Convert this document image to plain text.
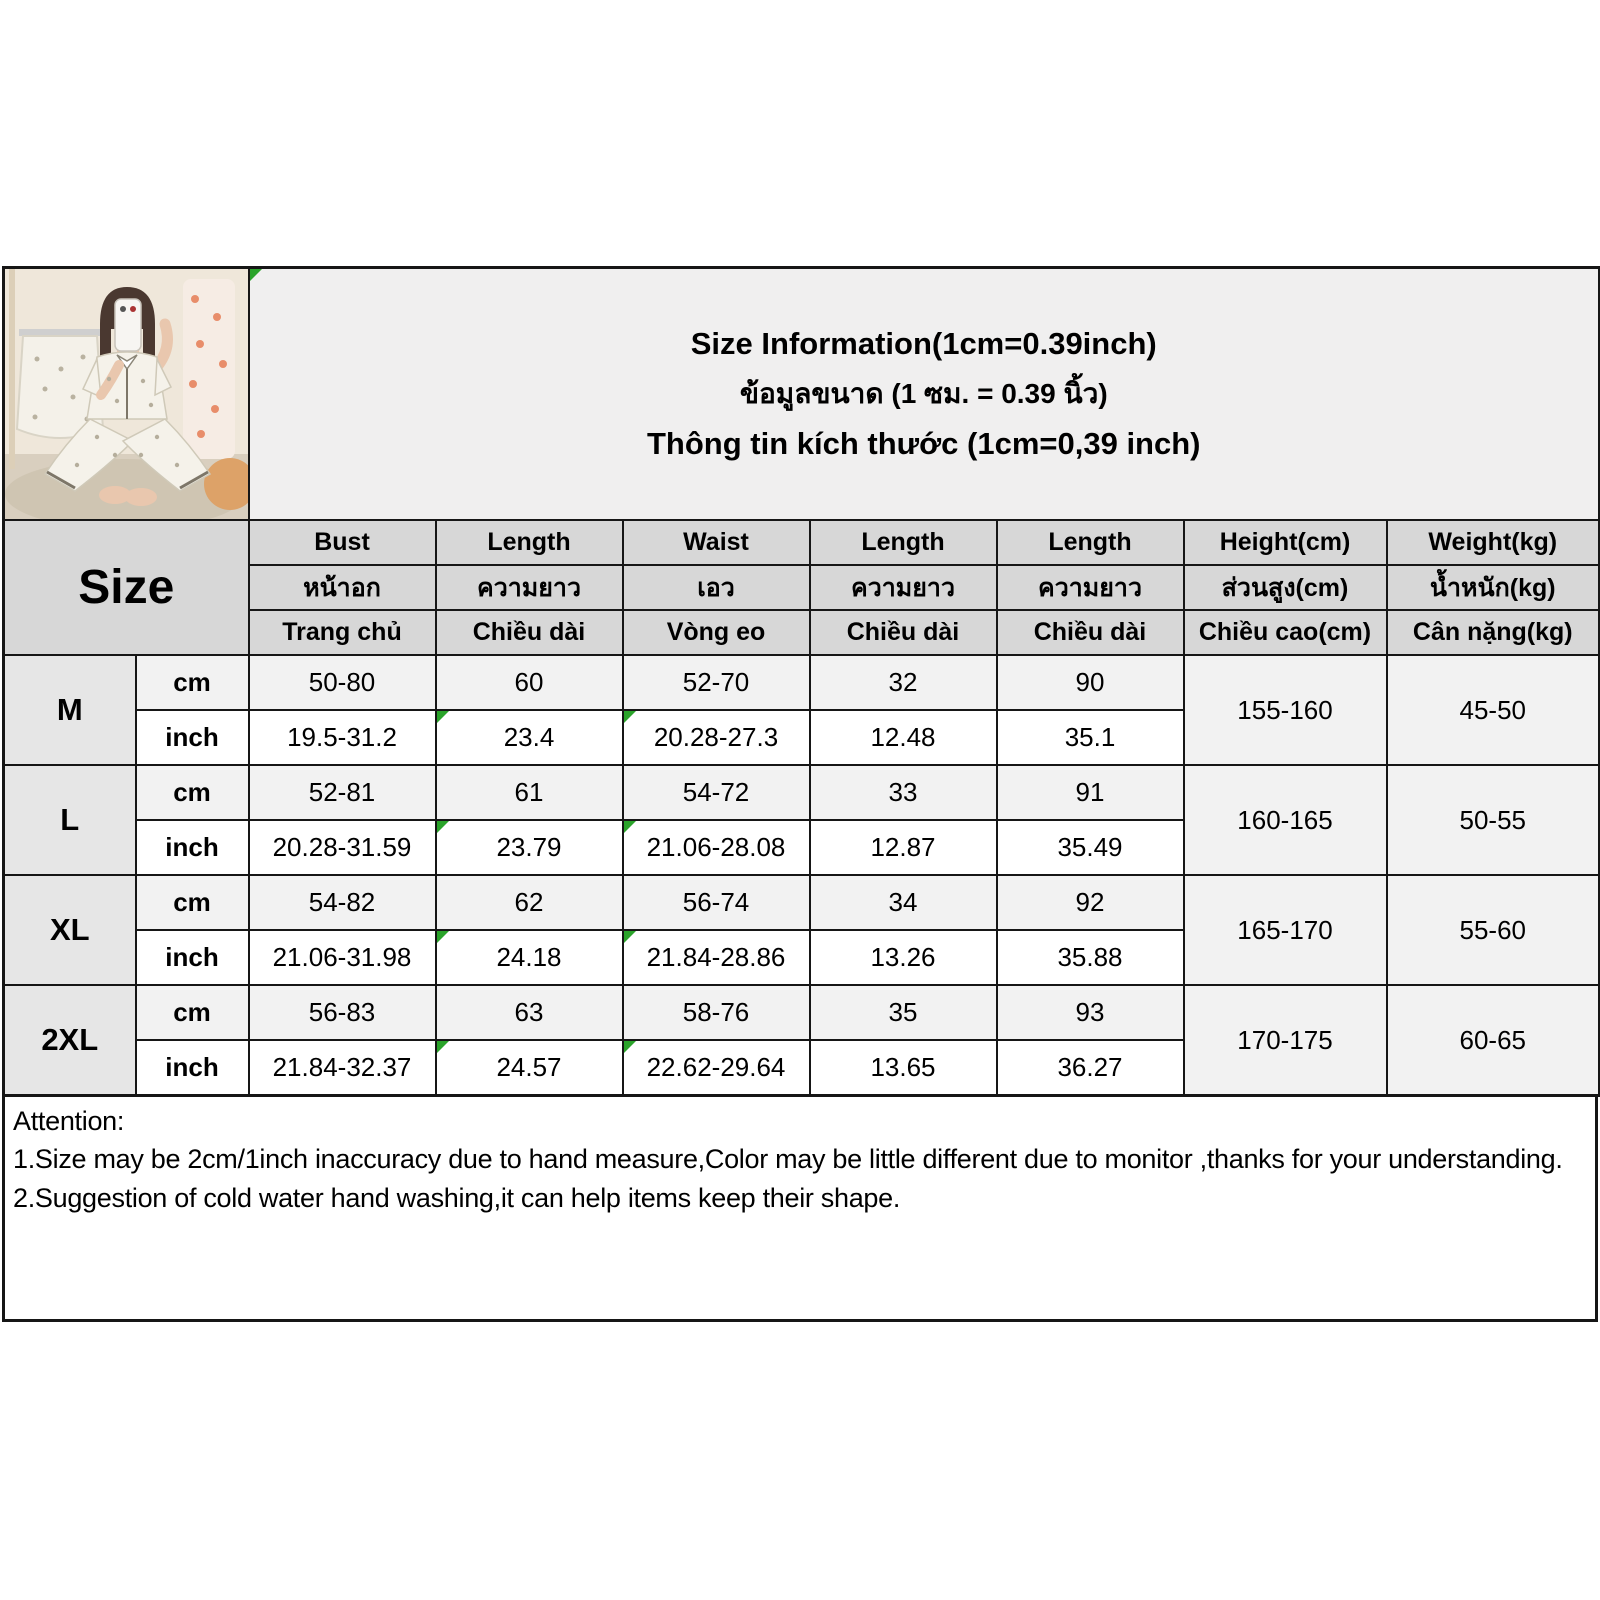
Size Information(1cm=0.39inch)
ข้อมูลขนาด (1 ซม. = 0.39 นิ้ว)
Thông tin kích thước (1cm=0,39 inch)						

Size		Bust	Length	Waist	Length	Length	Height(cm)	Weight(kg)
		หน้าอก	ความยาว	เอว	ความยาว	ความยาว	ส่วนสูง(cm)	น้ำหนัก(kg)
		Trang chủ	Chiều dài	Vòng eo	Chiều dài	Chiều dài	Chiều cao(cm)	Cân nặng(kg)
M	cm	50-80	60	52-70	32	90	155-160	45-50
	inch	19.5-31.2	23.4	20.28-27.3	12.48	35.1		
L	cm	52-81	61	54-72	33	91	160-165	50-55
	inch	20.28-31.59	23.79	21.06-28.08	12.87	35.49		
XL	cm	54-82	62	56-74	34	92	165-170	55-60
	inch	21.06-31.98	24.18	21.84-28.86	13.26	35.88		
2XL	cm	56-83	63	58-76	35	93	170-175	60-65
	inch	21.84-32.37	24.57	22.62-29.64	13.65	36.27		

Attention:

1.Size may be 2cm/1inch inaccuracy due to hand measure,Color may be little different due to monitor ,thanks for your understanding.

2.Suggestion of cold water hand washing,it can help items keep their shape.
